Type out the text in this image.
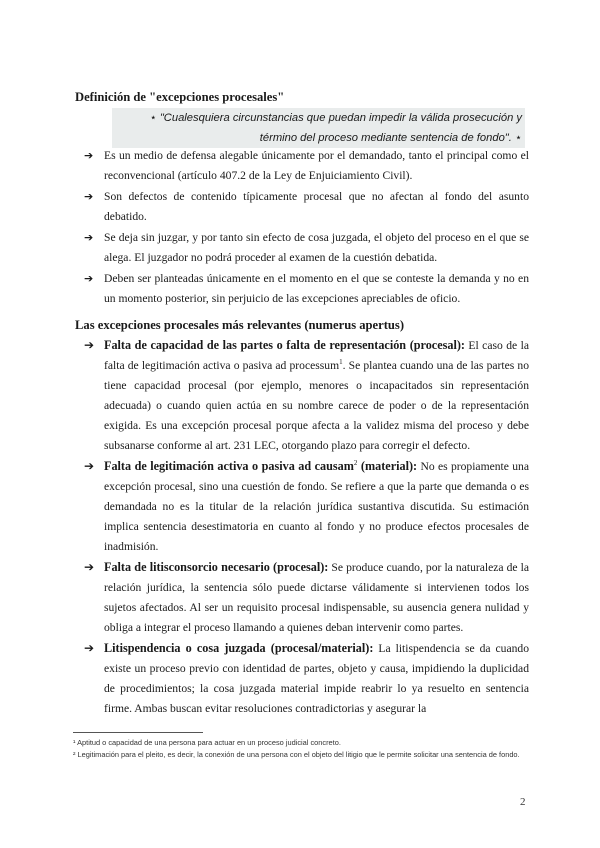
Definición de "excepciones procesales"
⋆ "Cualesquiera circunstancias que puedan impedir la válida prosecución y término del proceso mediante sentencia de fondo". ⋆
➔ Es un medio de defensa alegable únicamente por el demandado, tanto el principal como el reconvencional (artículo 407.2 de la Ley de Enjuiciamiento Civil).
➔ Son defectos de contenido típicamente procesal que no afectan al fondo del asunto debatido.
➔ Se deja sin juzgar, y por tanto sin efecto de cosa juzgada, el objeto del proceso en el que se alega. El juzgador no podrá proceder al examen de la cuestión debatida.
➔ Deben ser planteadas únicamente en el momento en el que se conteste la demanda y no en un momento posterior, sin perjuicio de las excepciones apreciables de oficio.
Las excepciones procesales más relevantes (numerus apertus)
➔ Falta de capacidad de las partes o falta de representación (procesal): El caso de la falta de legitimación activa o pasiva ad processum$^1$. Se plantea cuando una de las partes no tiene capacidad procesal (por ejemplo, menores o incapacitados sin representación adecuada) o cuando quien actúa en su nombre carece de poder o de la representación exigida. Es una excepción procesal porque afecta a la validez misma del proceso y debe subsanarse conforme al art. 231 LEC, otorgando plazo para corregir el defecto.
➔ Falta de legitimación activa o pasiva ad causam$^2$ (material): No es propiamente una excepción procesal, sino una cuestión de fondo. Se refiere a que la parte que demanda o es demandada no es la titular de la relación jurídica sustantiva discutida. Su estimación implica sentencia desestimatoria en cuanto al fondo y no produce efectos procesales de inadmisión.
➔ Falta de litisconsorcio necesario (procesal): Se produce cuando, por la naturaleza de la relación jurídica, la sentencia sólo puede dictarse válidamente si intervienen todos los sujetos afectados. Al ser un requisito procesal indispensable, su ausencia genera nulidad y obliga a integrar el proceso llamando a quienes deban intervenir como partes.
➔ Litispendencia o cosa juzgada (procesal/material): La litispendencia se da cuando existe un proceso previo con identidad de partes, objeto y causa, impidiendo la duplicidad de procedimientos; la cosa juzgada material impide reabrir lo ya resuelto en sentencia firme. Ambas buscan evitar resoluciones contradictorias y asegurar la
¹ Aptitud o capacidad de una persona para actuar en un proceso judicial concreto.
² Legitimación para el pleito, es decir, la conexión de una persona con el objeto del litigio que le permite solicitar una sentencia de fondo.
2
